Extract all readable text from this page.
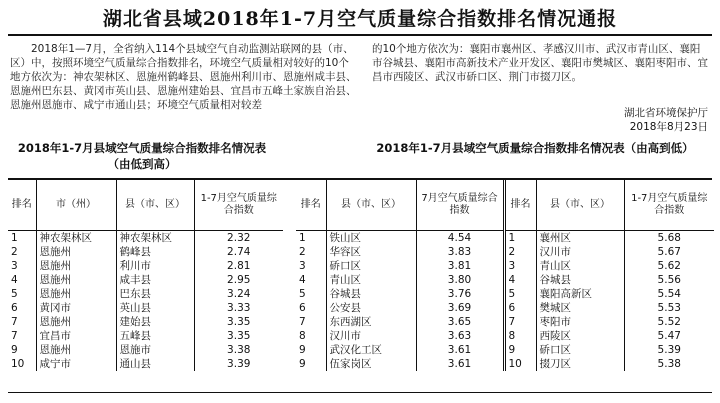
湖北省县域2018年1-7月空气质量综合指数排名情况通报
2018年1—7月，全省纳入114个县域空气自动监测站联网的县（市、区）中，按照环境空气质量综合指数排名，环境空气质量相对较好的10个地方依次为：神农架林区、恩施州鹤峰县、恩施州利川市、恩施州咸丰县、恩施州巴东县、黄冈市英山县、恩施州建始县、宜昌市五峰土家族自治县、恩施州恩施市、咸宁市通山县；环境空气质量相对较差
的10个地方依次为：襄阳市襄州区、孝感汉川市、武汉市青山区、襄阳市谷城县、襄阳市高新技术产业开发区、襄阳市樊城区、襄阳枣阳市、宜昌市西陵区、武汉市硚口区、荆门市掇刀区。
湖北省环境保护厅
2018年8月23日
2018年1-7月县域空气质量综合指数排名情况表（由低到高）
2018年1-7月县域空气质量综合指数排名情况表（由高到低）
排名	市（州）	县（市、区）	1-7月空气质量综合指数
1	神农架林区	神农架林区	2.32
2	恩施州	鹤峰县	2.74
3	恩施州	利川市	2.81
4	恩施州	咸丰县	2.95
5	恩施州	巴东县	3.24
6	黄冈市	英山县	3.33
7	恩施州	建始县	3.35
7	宜昌市	五峰县	3.35
9	恩施州	恩施市	3.38
10	咸宁市	通山县	3.39
排名	县（市、区）	7月空气质量综合指数	排名	县（市、区）	1-7月空气质量综合指数
1	铁山区	4.54	1	襄州区	5.68
2	华容区	3.83	2	汉川市	5.67
3	硚口区	3.81	3	青山区	5.62
4	青山区	3.80	4	谷城县	5.56
5	谷城县	3.76	5	襄阳高新区	5.54
6	公安县	3.69	6	樊城区	5.53
7	东西湖区	3.65	7	枣阳市	5.52
8	汉川市	3.63	8	西陵区	5.47
9	武汉化工区	3.61	9	硚口区	5.39
9	伍家岗区	3.61	10	掇刀区	5.38
